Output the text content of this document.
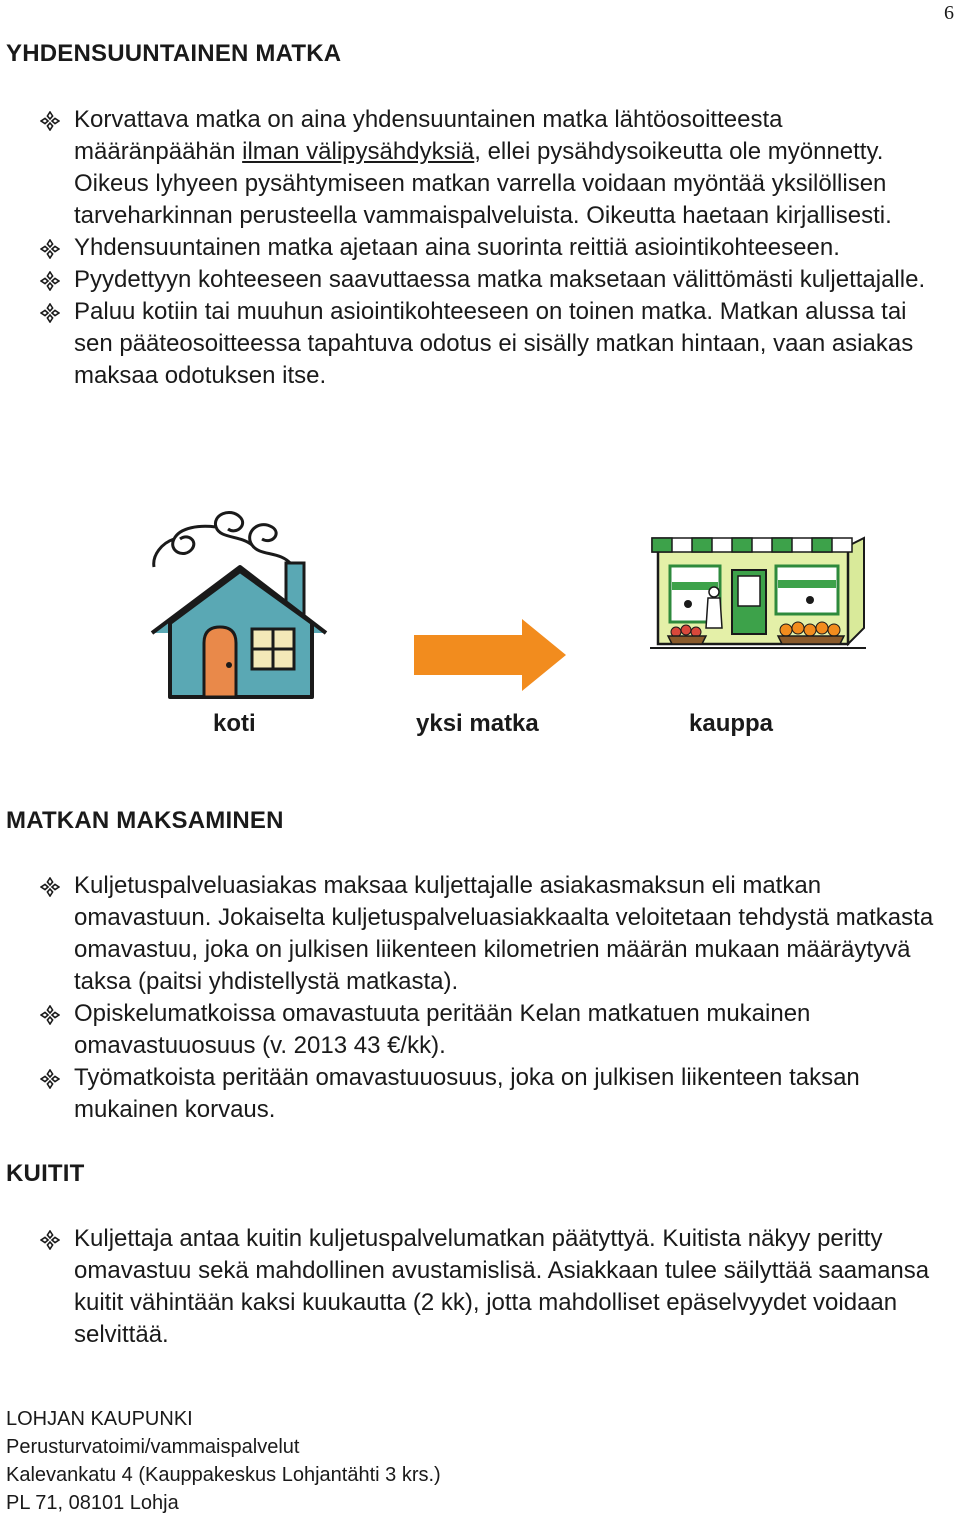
6
YHDENSUUNTAINEN MATKA
Korvattava matka on aina yhdensuuntainen matka lähtöosoitteesta määränpäähän ilman välipysähdyksiä, ellei pysähdysoikeutta ole myönnetty. Oikeus lyhyeen pysähtymiseen matkan varrella voidaan myöntää yksilöllisen tarveharkinnan perusteella vammaispalveluista. Oikeutta haetaan kirjallisesti.
Yhdensuuntainen matka ajetaan aina suorinta reittiä asiointikohteeseen.
Pyydettyyn kohteeseen saavuttaessa matka maksetaan välittömästi kuljettajalle.
Paluu kotiin tai muuhun asiointikohteeseen on toinen matka. Matkan alussa tai sen pääteosoitteessa tapahtuva odotus ei sisälly matkan hintaan, vaan asiakas maksaa odotuksen itse.
koti	yksi matka	kauppa
MATKAN MAKSAMINEN
Kuljetuspalveluasiakas maksaa kuljettajalle asiakasmaksun eli matkan omavastuun. Jokaiselta kuljetuspalveluasiakkaalta veloitetaan tehdystä matkasta omavastuu, joka on julkisen liikenteen kilometrien määrän mukaan määräytyvä taksa (paitsi yhdistellystä matkasta).
Opiskelumatkoissa omavastuuta peritään Kelan matkatuen mukainen omavastuuosuus (v. 2013 43 €/kk).
Työmatkoista peritään omavastuuosuus, joka on julkisen liikenteen taksan mukainen korvaus.
KUITIT
Kuljettaja antaa kuitin kuljetuspalvelumatkan päätyttyä. Kuitista näkyy peritty omavastuu sekä mahdollinen avustamislisä. Asiakkaan tulee säilyttää saamansa kuitit vähintään kaksi kuukautta (2 kk), jotta mahdolliset epäselvyydet voidaan selvittää.
LOHJAN KAUPUNKI
Perusturvatoimi/vammaispalvelut
Kalevankatu 4 (Kauppakeskus Lohjantähti 3 krs.)
PL 71, 08101 Lohja
